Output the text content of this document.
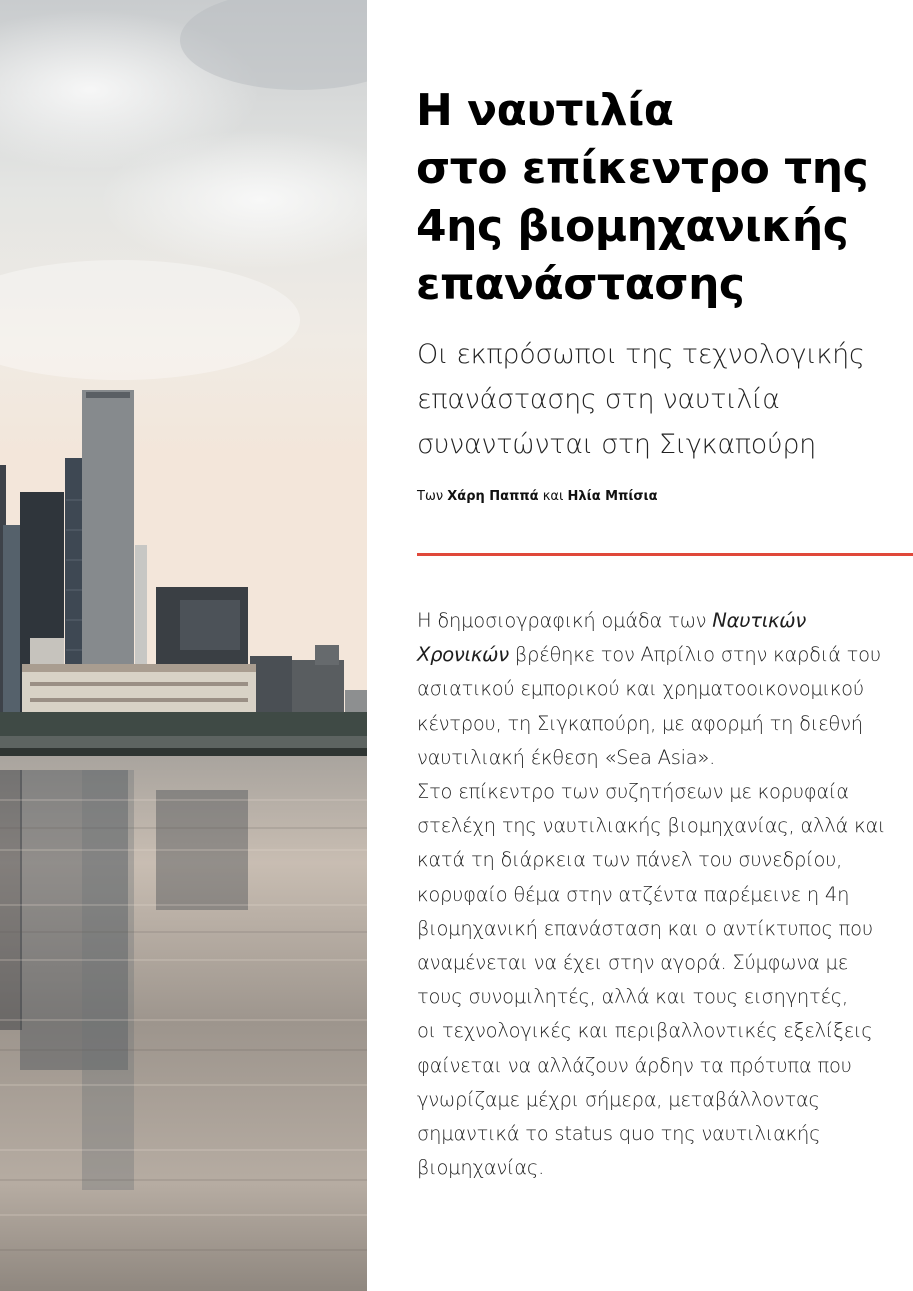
Η ναυτιλία
στο επίκεντρο της
4ης βιομηχανικής
επανάστασης
Οι εκπρόσωποι της τεχνολογικής
επανάστασης στη ναυτιλία
συναντώνται στη Σιγκαπούρη
Των Χάρη Παππά και Ηλία Μπίσια
Η δημοσιογραφική ομάδα των Ναυτικών
Χρονικών βρέθηκε τον Απρίλιο στην καρδιά του
ασιατικού εμπορικού και χρηματοοικονομικού
κέντρου, τη Σιγκαπούρη, με αφορμή τη διεθνή
ναυτιλιακή έκθεση «Sea Asia».
Στο επίκεντρο των συζητήσεων με κορυφαία
στελέχη της ναυτιλιακής βιομηχανίας, αλλά και
κατά τη διάρκεια των πάνελ του συνεδρίου,
κορυφαίο θέμα στην ατζέντα παρέμεινε η 4η
βιομηχανική επανάσταση και ο αντίκτυπος που
αναμένεται να έχει στην αγορά. Σύμφωνα με
τους συνομιλητές, αλλά και τους εισηγητές,
οι τεχνολογικές και περιβαλλοντικές εξελίξεις
φαίνεται να αλλάζουν άρδην τα πρότυπα που
γνωρίζαμε μέχρι σήμερα, μεταβάλλοντας
σημαντικά το status quo της ναυτιλιακής
βιομηχανίας.
